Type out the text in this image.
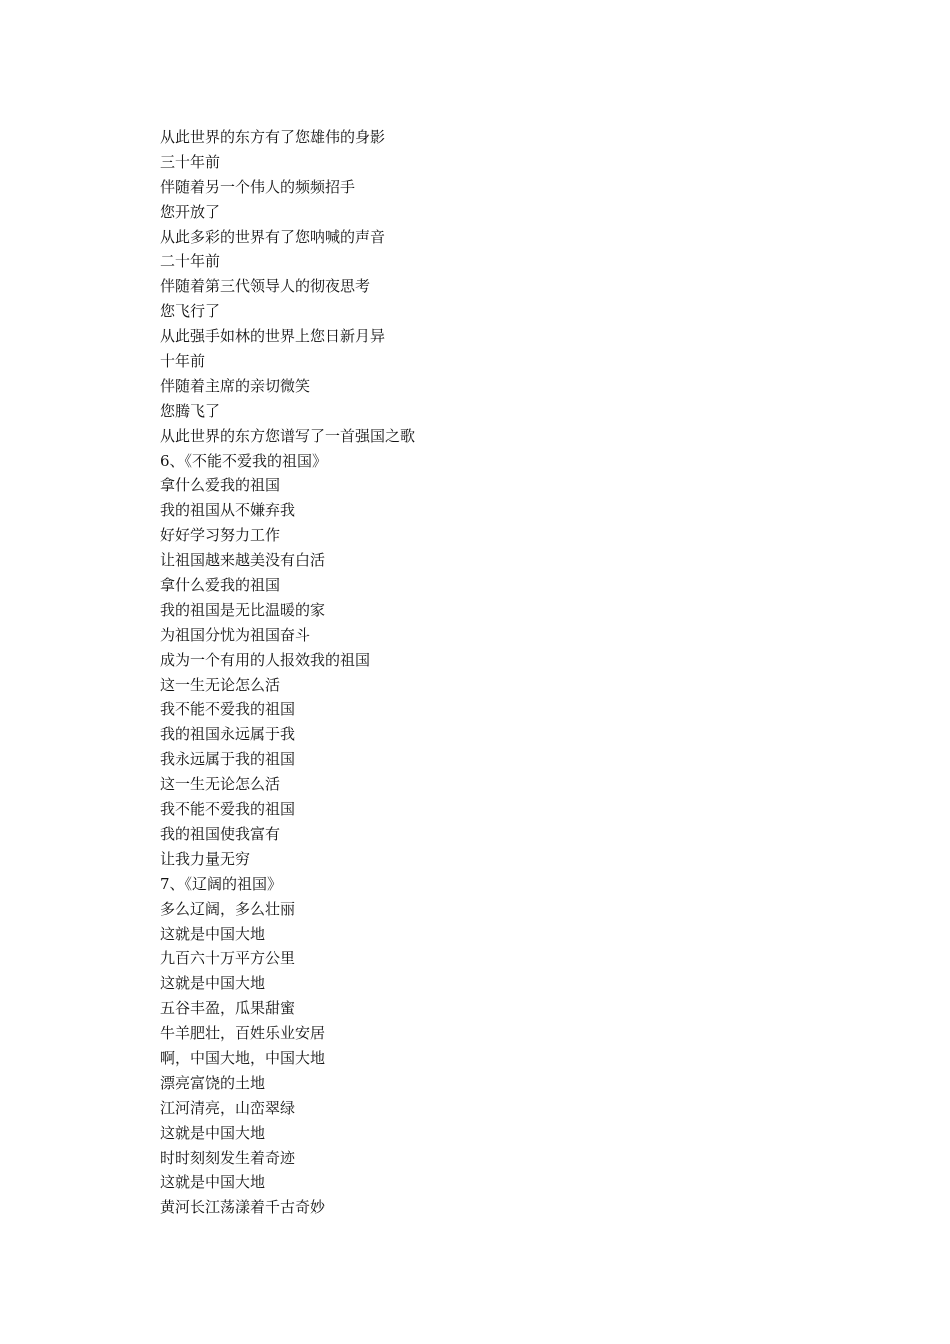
从此世界的东方有了您雄伟的身影
三十年前
伴随着另一个伟人的频频招手
您开放了
从此多彩的世界有了您呐喊的声音
二十年前
伴随着第三代领导人的彻夜思考
您飞行了
从此强手如林的世界上您日新月异
十年前
伴随着主席的亲切微笑
您腾飞了
从此世界的东方您谱写了一首强国之歌
6、《不能不爱我的祖国》
拿什么爱我的祖国
我的祖国从不嫌弃我
好好学习努力工作
让祖国越来越美没有白活
拿什么爱我的祖国
我的祖国是无比温暖的家
为祖国分忧为祖国奋斗
成为一个有用的人报效我的祖国
这一生无论怎么活
我不能不爱我的祖国
我的祖国永远属于我
我永远属于我的祖国
这一生无论怎么活
我不能不爱我的祖国
我的祖国使我富有
让我力量无穷
7、《辽阔的祖国》
多么辽阔，多么壮丽
这就是中国大地
九百六十万平方公里
这就是中国大地
五谷丰盈，瓜果甜蜜
牛羊肥壮，百姓乐业安居
啊，中国大地，中国大地
漂亮富饶的土地
江河清亮，山峦翠绿
这就是中国大地
时时刻刻发生着奇迹
这就是中国大地
黄河长江荡漾着千古奇妙
